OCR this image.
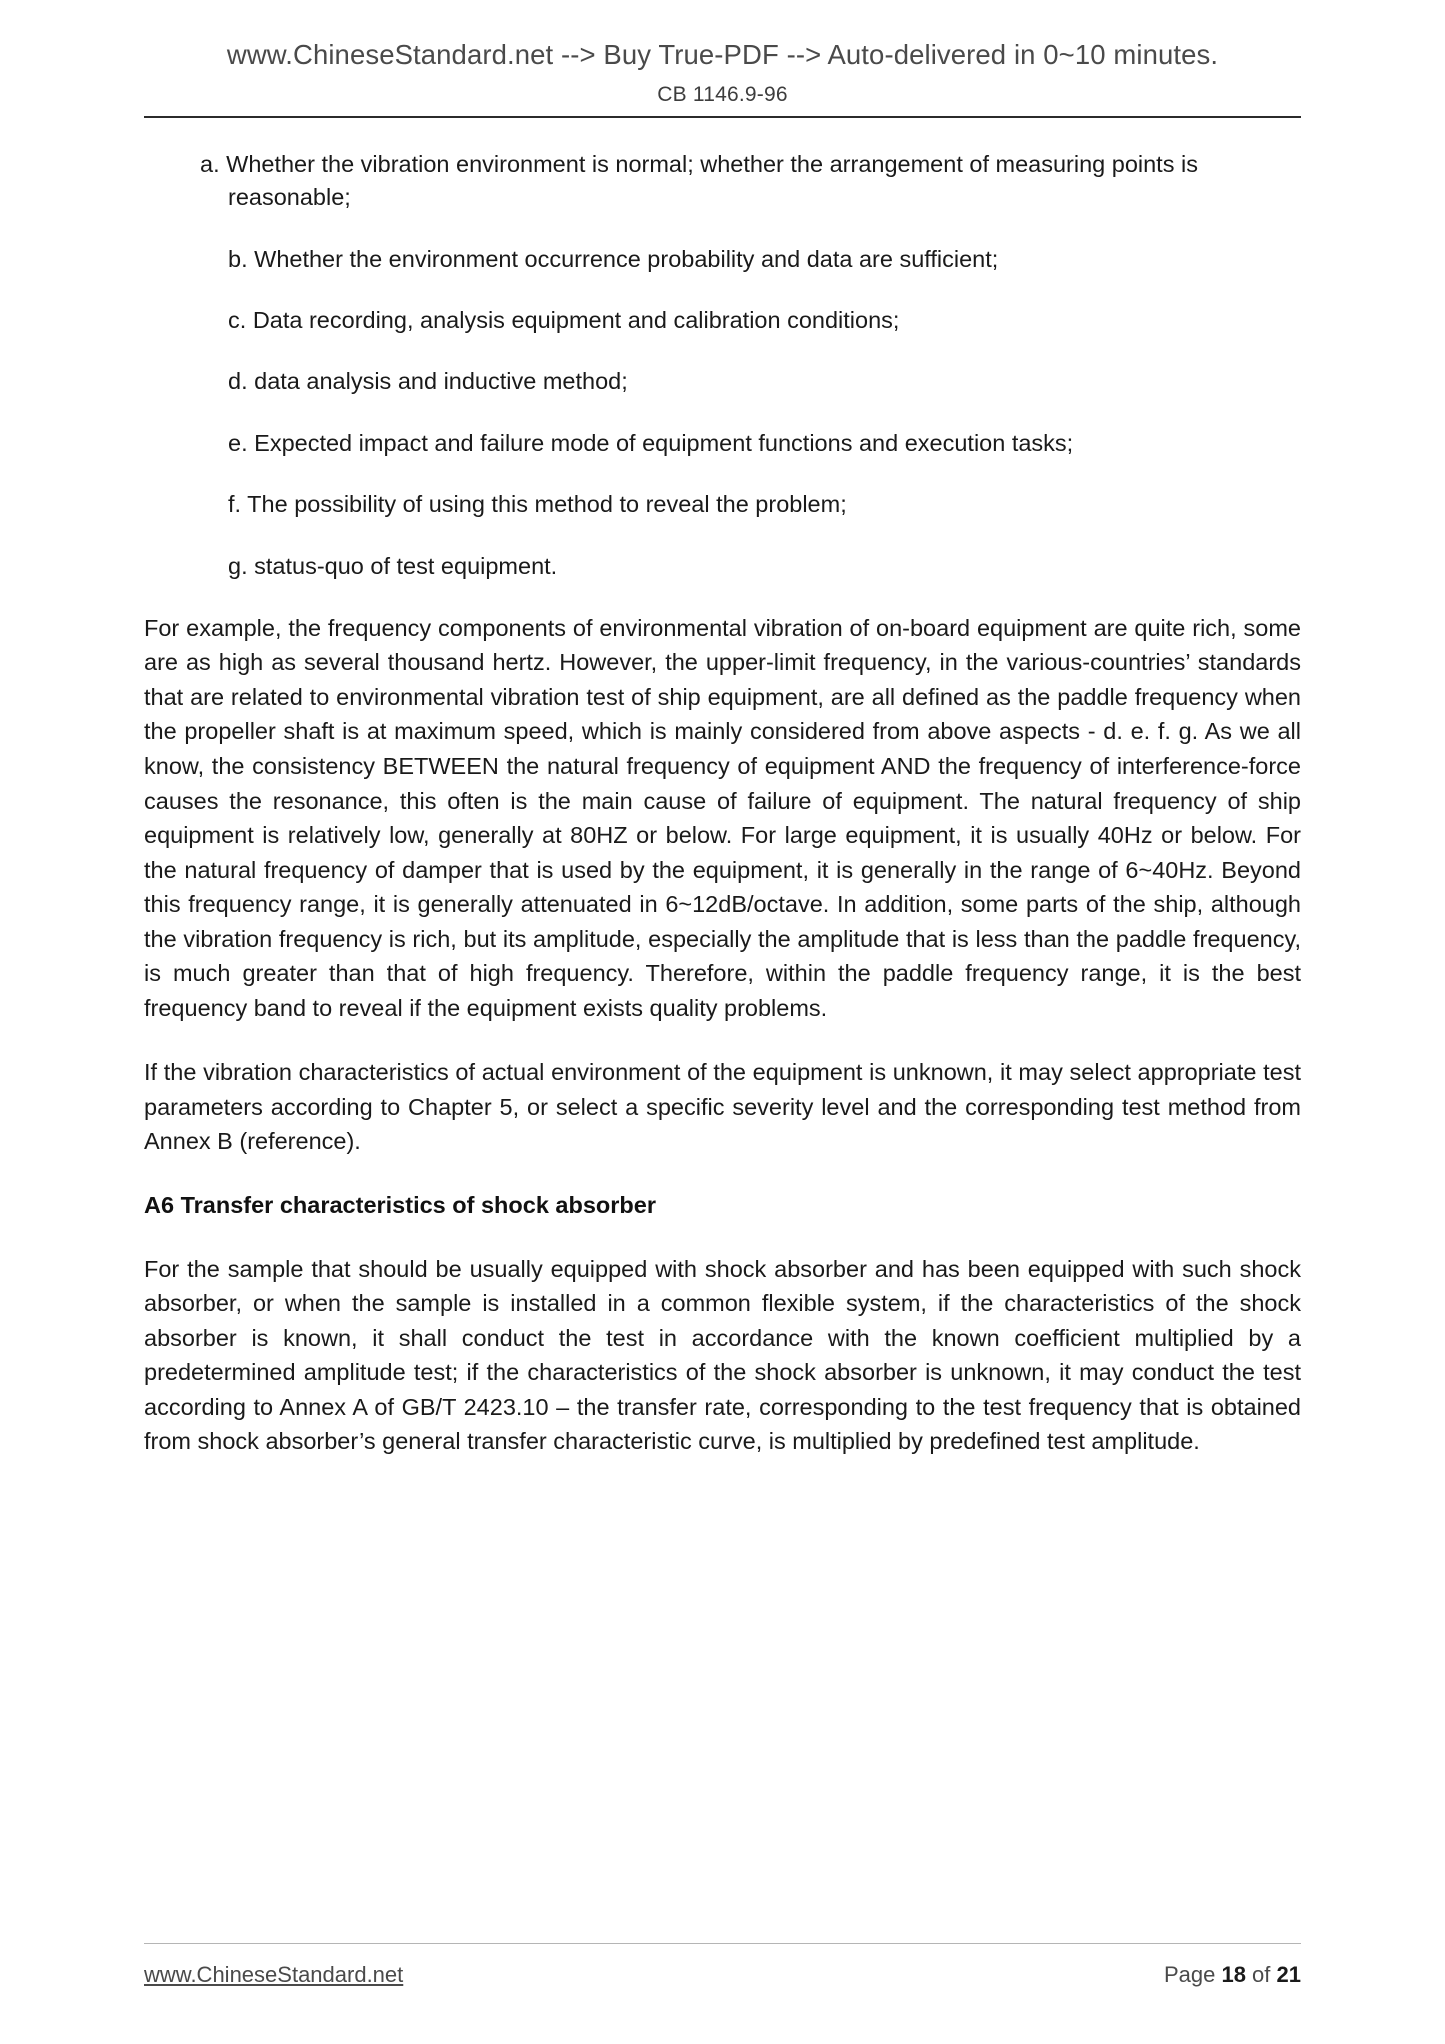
www.ChineseStandard.net --> Buy True-PDF --> Auto-delivered in 0~10 minutes.
CB 1146.9-96
a. Whether the vibration environment is normal; whether the arrangement of measuring points is reasonable;
b. Whether the environment occurrence probability and data are sufficient;
c. Data recording, analysis equipment and calibration conditions;
d. data analysis and inductive method;
e. Expected impact and failure mode of equipment functions and execution tasks;
f. The possibility of using this method to reveal the problem;
g. status-quo of test equipment.

For example, the frequency components of environmental vibration of on-board equipment are quite rich, some are as high as several thousand hertz. However, the upper-limit frequency, in the various-countries’ standards that are related to environmental vibration test of ship equipment, are all defined as the paddle frequency when the propeller shaft is at maximum speed, which is mainly considered from above aspects - d. e. f. g. As we all know, the consistency BETWEEN the natural frequency of equipment AND the frequency of interference-force causes the resonance, this often is the main cause of failure of equipment. The natural frequency of ship equipment is relatively low, generally at 80HZ or below. For large equipment, it is usually 40Hz or below. For the natural frequency of damper that is used by the equipment, it is generally in the range of 6~40Hz. Beyond this frequency range, it is generally attenuated in 6~12dB/octave. In addition, some parts of the ship, although the vibration frequency is rich, but its amplitude, especially the amplitude that is less than the paddle frequency, is much greater than that of high frequency. Therefore, within the paddle frequency range, it is the best frequency band to reveal if the equipment exists quality problems.

If the vibration characteristics of actual environment of the equipment is unknown, it may select appropriate test parameters according to Chapter 5, or select a specific severity level and the corresponding test method from Annex B (reference).

A6 Transfer characteristics of shock absorber

For the sample that should be usually equipped with shock absorber and has been equipped with such shock absorber, or when the sample is installed in a common flexible system, if the characteristics of the shock absorber is known, it shall conduct the test in accordance with the known coefficient multiplied by a predetermined amplitude test; if the characteristics of the shock absorber is unknown, it may conduct the test according to Annex A of GB/T 2423.10 – the transfer rate, corresponding to the test frequency that is obtained from shock absorber’s general transfer characteristic curve, is multiplied by predefined test amplitude.

www.ChineseStandard.net	Page 18 of 21
